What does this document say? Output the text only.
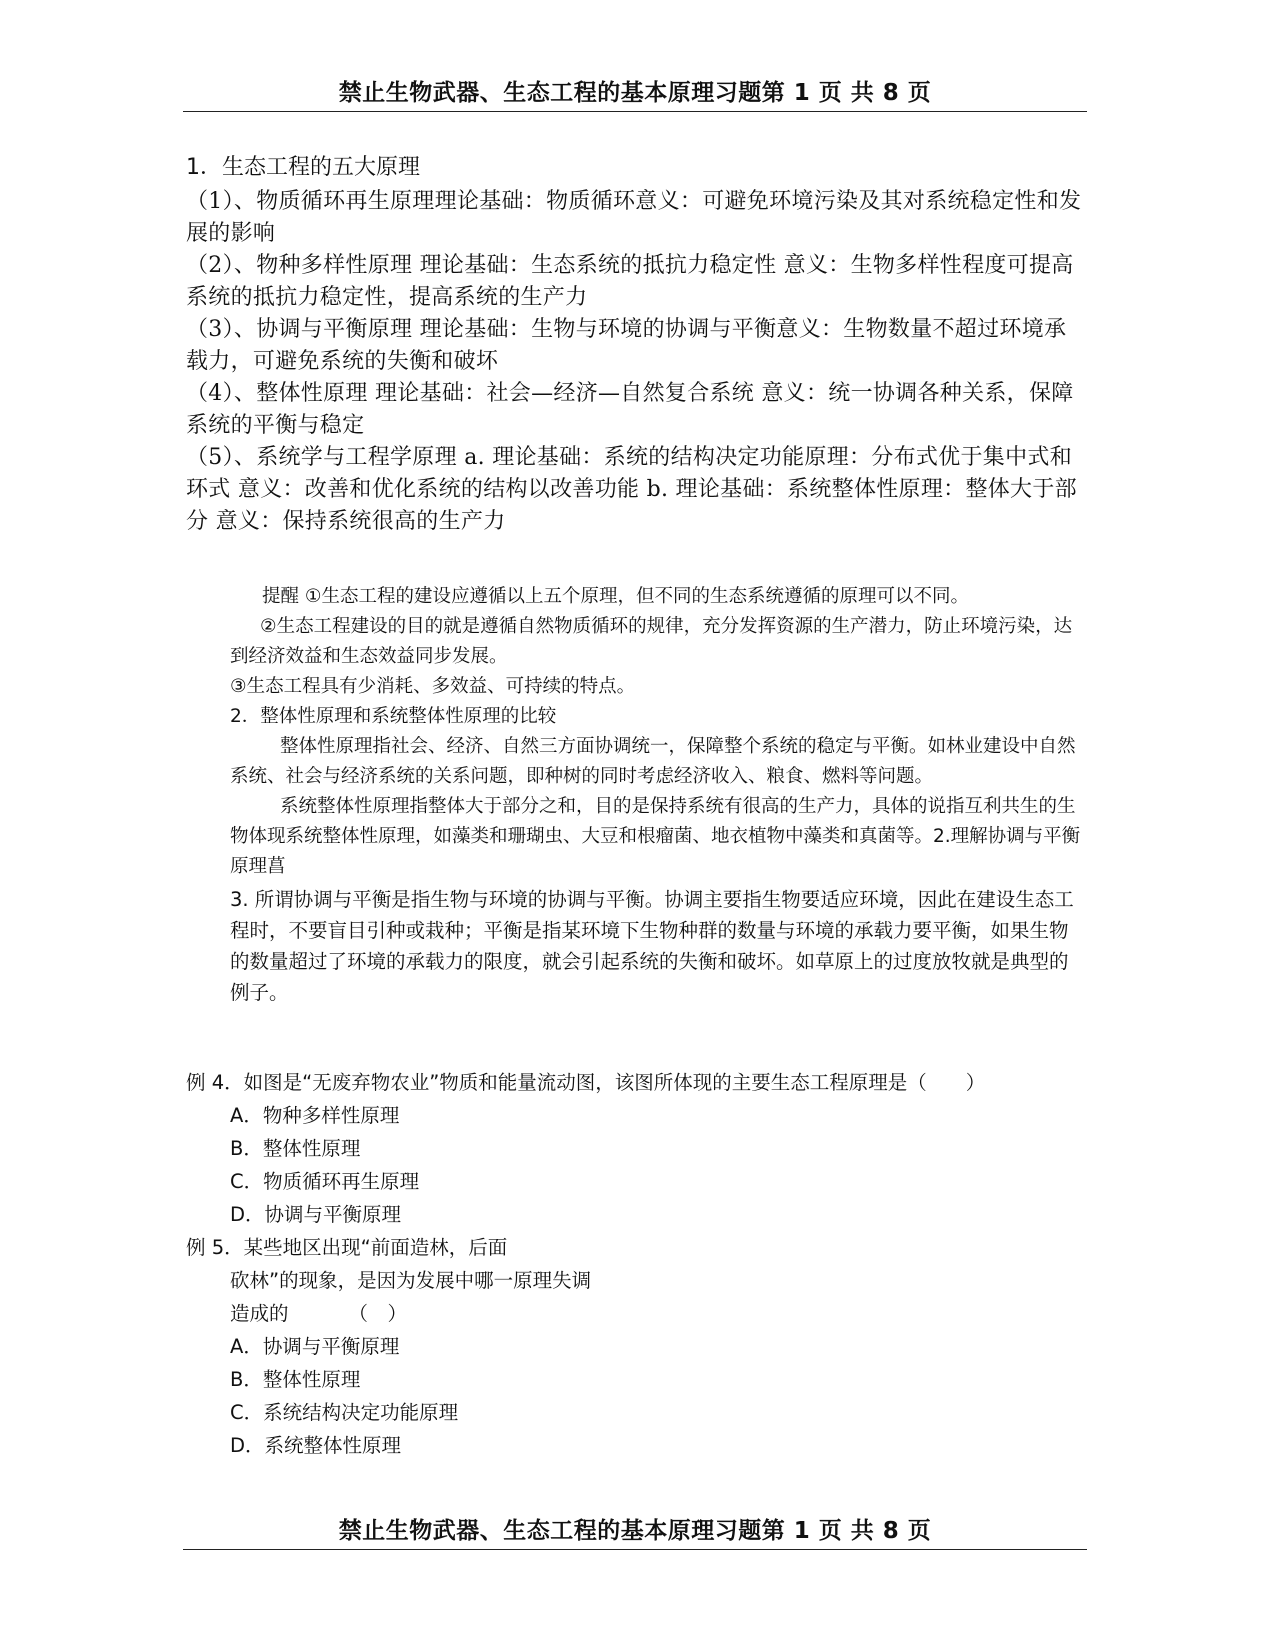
禁止生物武器、生态工程的基本原理习题第 1 页 共 8 页
1．生态工程的五大原理

（1）、物质循环再生原理理论基础：物质循环意义：可避免环境污染及其对系统稳定性和发展的影响

（2）、物种多样性原理 理论基础：生态系统的抵抗力稳定性 意义：生物多样性程度可提高系统的抵抗力稳定性，提高系统的生产力

（3）、协调与平衡原理 理论基础：生物与环境的协调与平衡意义：生物数量不超过环境承载力，可避免系统的失衡和破坏

（4）、整体性原理 理论基础：社会—经济—自然复合系统 意义：统一协调各种关系，保障系统的平衡与稳定

（5）、系统学与工程学原理 a. 理论基础：系统的结构决定功能原理：分布式优于集中式和环式 意义：改善和优化系统的结构以改善功能 b. 理论基础：系统整体性原理：整体大于部分 意义：保持系统很高的生产力

提醒 ①生态工程的建设应遵循以上五个原理，但不同的生态系统遵循的原理可以不同。

②生态工程建设的目的就是遵循自然物质循环的规律，充分发挥资源的生产潜力，防止环境污染，达到经济效益和生态效益同步发展。

③生态工程具有少消耗、多效益、可持续的特点。

2．整体性原理和系统整体性原理的比较

整体性原理指社会、经济、自然三方面协调统一，保障整个系统的稳定与平衡。如林业建设中自然系统、社会与经济系统的关系问题，即种树的同时考虑经济收入、粮食、燃料等问题。

系统整体性原理指整体大于部分之和，目的是保持系统有很高的生产力，具体的说指互利共生的生物体现系统整体性原理，如藻类和珊瑚虫、大豆和根瘤菌、地衣植物中藻类和真菌等。2.理解协调与平衡原理菖

3. 所谓协调与平衡是指生物与环境的协调与平衡。协调主要指生物要适应环境，因此在建设生态工程时，不要盲目引种或栽种；平衡是指某环境下生物种群的数量与环境的承载力要平衡，如果生物的数量超过了环境的承载力的限度，就会引起系统的失衡和破坏。如草原上的过度放牧就是典型的例子。

例 4．如图是“无废弃物农业”物质和能量流动图，该图所体现的主要生态工程原理是（　　）

A．物种多样性原理

B．整体性原理

C．物质循环再生原理

D．协调与平衡原理

例 5．某些地区出现“前面造林，后面

砍林”的现象，是因为发展中哪一原理失调

造成的	（　）

A．协调与平衡原理

B．整体性原理

C．系统结构决定功能原理

D．系统整体性原理

禁止生物武器、生态工程的基本原理习题第 1 页 共 8 页
